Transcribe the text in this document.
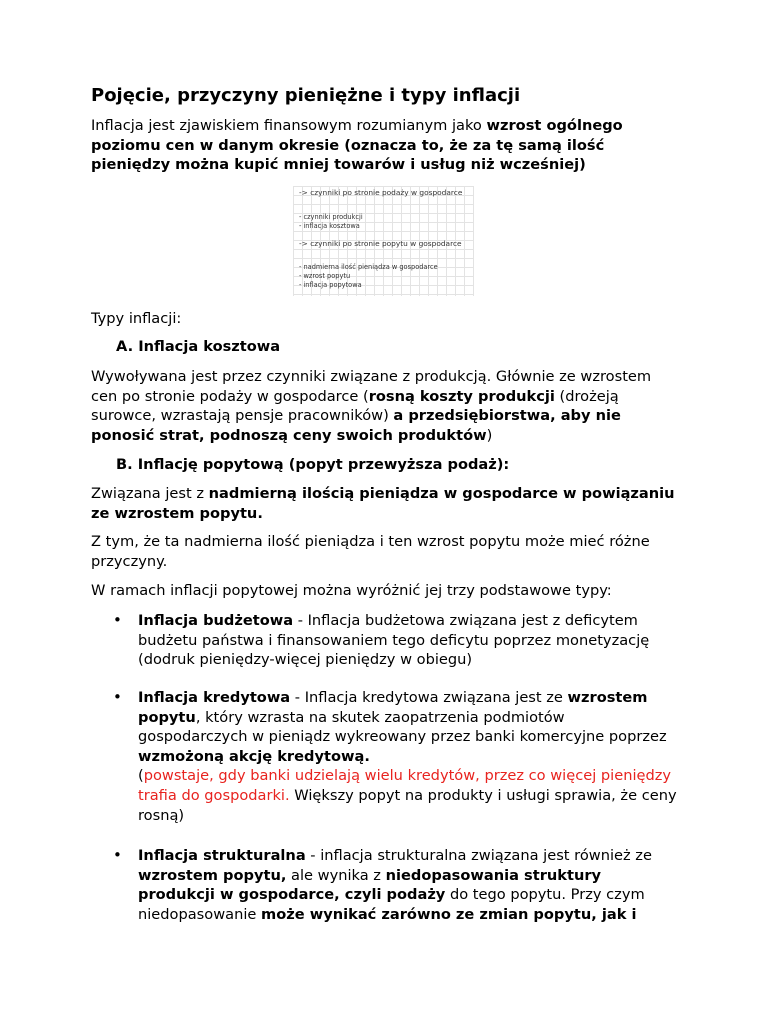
Pojęcie, przyczyny pieniężne i typy inflacji
Inflacja jest zjawiskiem finansowym rozumianym jako wzrost ogólnego poziomu cen w danym okresie (oznacza to, że za tę samą ilość pieniędzy można kupić mniej towarów i usług niż wcześniej)
-> czynniki po stronie podaży w gospodarce
- czynniki produkcji
- inflacja kosztowa
-> czynniki po stronie popytu w gospodarce
- nadmierna ilość pieniądza w gospodarce
- wzrost popytu
- inflacja popytowa
Typy inflacji:
A. Inflacja kosztowa
Wywoływana jest przez czynniki związane z produkcją. Głównie ze wzrostem cen po stronie podaży w gospodarce (rosną koszty produkcji (drożeją surowce, wzrastają pensje pracowników) a przedsiębiorstwa, aby nie ponosić strat, podnoszą ceny swoich produktów)
B. Inflację popytową (popyt przewyższa podaż):
Związana jest z nadmierną ilością pieniądza w gospodarce w powiązaniu ze wzrostem popytu.
Z tym, że ta nadmierna ilość pieniądza i ten wzrost popytu może mieć różne przyczyny.
W ramach inflacji popytowej można wyróżnić jej trzy podstawowe typy:
• Inflacja budżetowa - Inflacja budżetowa związana jest z deficytem budżetu państwa i finansowaniem tego deficytu poprzez monetyzację (dodruk pieniędzy-więcej pieniędzy w obiegu)
• Inflacja kredytowa - Inflacja kredytowa związana jest ze wzrostem popytu, który wzrasta na skutek zaopatrzenia podmiotów gospodarczych w pieniądz wykreowany przez banki komercyjne poprzez wzmożoną akcję kredytową.
(powstaje, gdy banki udzielają wielu kredytów, przez co więcej pieniędzy trafia do gospodarki. Większy popyt na produkty i usługi sprawia, że ceny rosną)
• Inflacja strukturalna - inflacja strukturalna związana jest również ze wzrostem popytu, ale wynika z niedopasowania struktury produkcji w gospodarce, czyli podaży do tego popytu. Przy czym niedopasowanie może wynikać zarówno ze zmian popytu, jak i
